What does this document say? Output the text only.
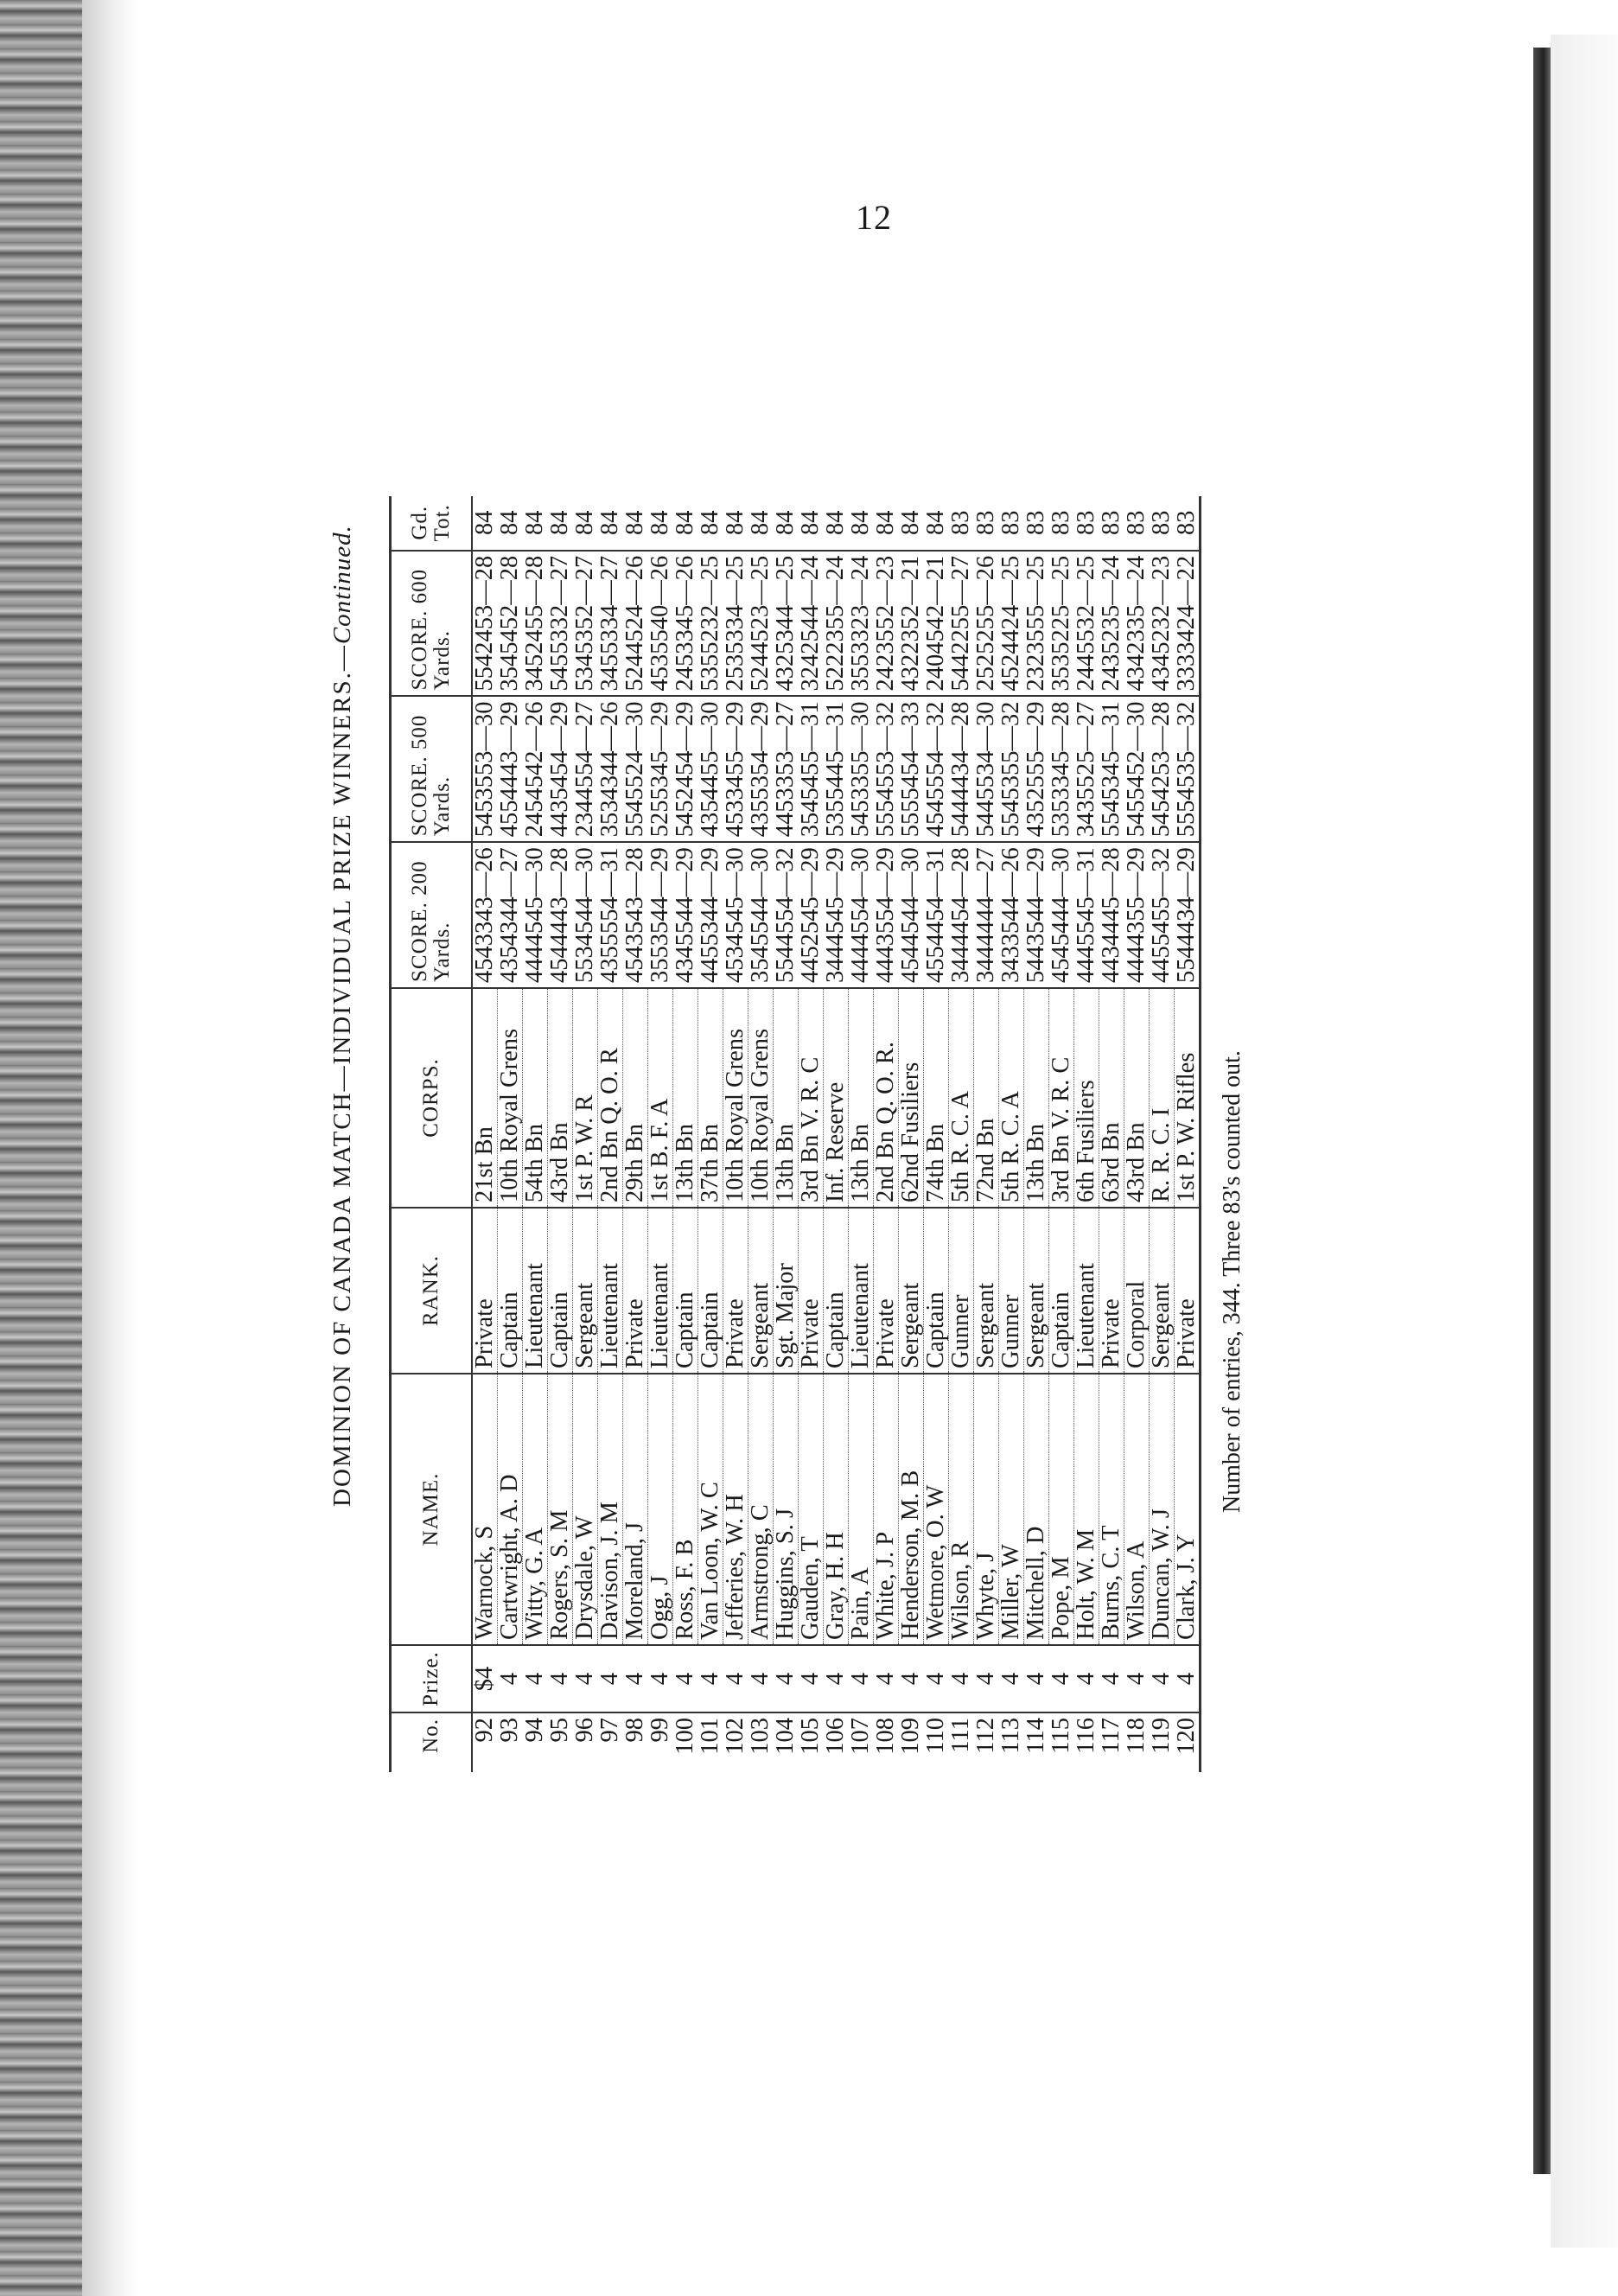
12
DOMINION OF CANADA MATCH—INDIVIDUAL PRIZE WINNERS.—Continued.
No.	Prize.	NAME.	RANK.	CORPS.	SCORE. 200 Yards.	SCORE. 500 Yards.	SCORE. 600 Yards.	Gd. Tot.
92	$4	Warnock, S	Private	21st Bn	4543343—26	5453553—30	5542453—28	84
93	4	Cartwright, A. D	Captain	10th Royal Grens	4354344—27	4554443—29	3545452—28	84
94	4	Witty, G. A	Lieutenant	54th Bn	4444545—30	2454542—26	3452455—28	84
95	4	Rogers, S. M	Captain	43rd Bn	4544443—28	4435454—29	5455332—27	84
96	4	Drysdale, W	Sergeant	1st P. W. R	5534544—30	2344554—27	5345352—27	84
97	4	Davison, J. M	Lieutenant	2nd Bn Q. O. R	4355554—31	3534344—26	3455334—27	84
98	4	Moreland, J	Private	29th Bn	4543543—28	5545524—30	5244524—26	84
99	4	Ogg, J	Lieutenant	1st B. F. A	3553544—29	5255345—29	4535540—26	84
100	4	Ross, F. B	Captain	13th Bn	4345544—29	5452454—29	2453345—26	84
101	4	Van Loon, W. C	Captain	37th Bn	4455344—29	4354455—30	5355232—25	84
102	4	Jefferies, W. H	Private	10th Royal Grens	4534545—30	4533455—29	2535334—25	84
103	4	Armstrong, C	Sergeant	10th Royal Grens	3545544—30	4355354—29	5244523—25	84
104	4	Huggins, S. J	Sgt. Major	13th Bn	5544554—32	4453353—27	4325344—25	84
105	4	Gauden, T	Private	3rd Bn V. R. C	4452545—29	3545455—31	3242544—24	84
106	4	Gray, H. H	Captain	Inf. Reserve	3444545—29	5355445—31	5222355—24	84
107	4	Pain, A	Lieutenant	13th Bn	4444554—30	5453355—30	3553323—24	84
108	4	White, J. P	Private	2nd Bn Q. O. R.	4443554—29	5554553—32	2423552—23	84
109	4	Henderson, M. B	Sergeant	62nd Fusiliers	4544544—30	5555454—33	4322352—21	84
110	4	Wetmore, O. W	Captain	74th Bn	4554454—31	4545554—32	2404542—21	84
111	4	Wilson, R	Gunner	5th R. C. A	3444454—28	5444434—28	5442255—27	83
112	4	Whyte, J	Sergeant	72nd Bn	3444444—27	5445534—30	2525255—26	83
113	4	Miller, W	Gunner	5th R. C. A	3433544—26	5545355—32	4524424—25	83
114	4	Mitchell, D	Sergeant	13th Bn	5443544—29	4352555—29	2323555—25	83
115	4	Pope, M	Captain	3rd Bn V. R. C	4545444—30	5353345—28	3535225—25	83
116	4	Holt, W. M	Lieutenant	6th Fusiliers	4445545—31	3435525—27	2445532—25	83
117	4	Burns, C. T	Private	63rd Bn	4434445—28	5545345—31	2435235—24	83
118	4	Wilson, A	Corporal	43rd Bn	4444355—29	5455452—30	4342335—24	83
119	4	Duncan, W. J	Sergeant	R. R. C. I	4455455—32	5454253—28	4345232—23	83
120	4	Clark, J. Y	Private	1st P. W. Rifles	5544434—29	5554535—32	3333424—22	83
Number of entries, 344. Three 83's counted out.
